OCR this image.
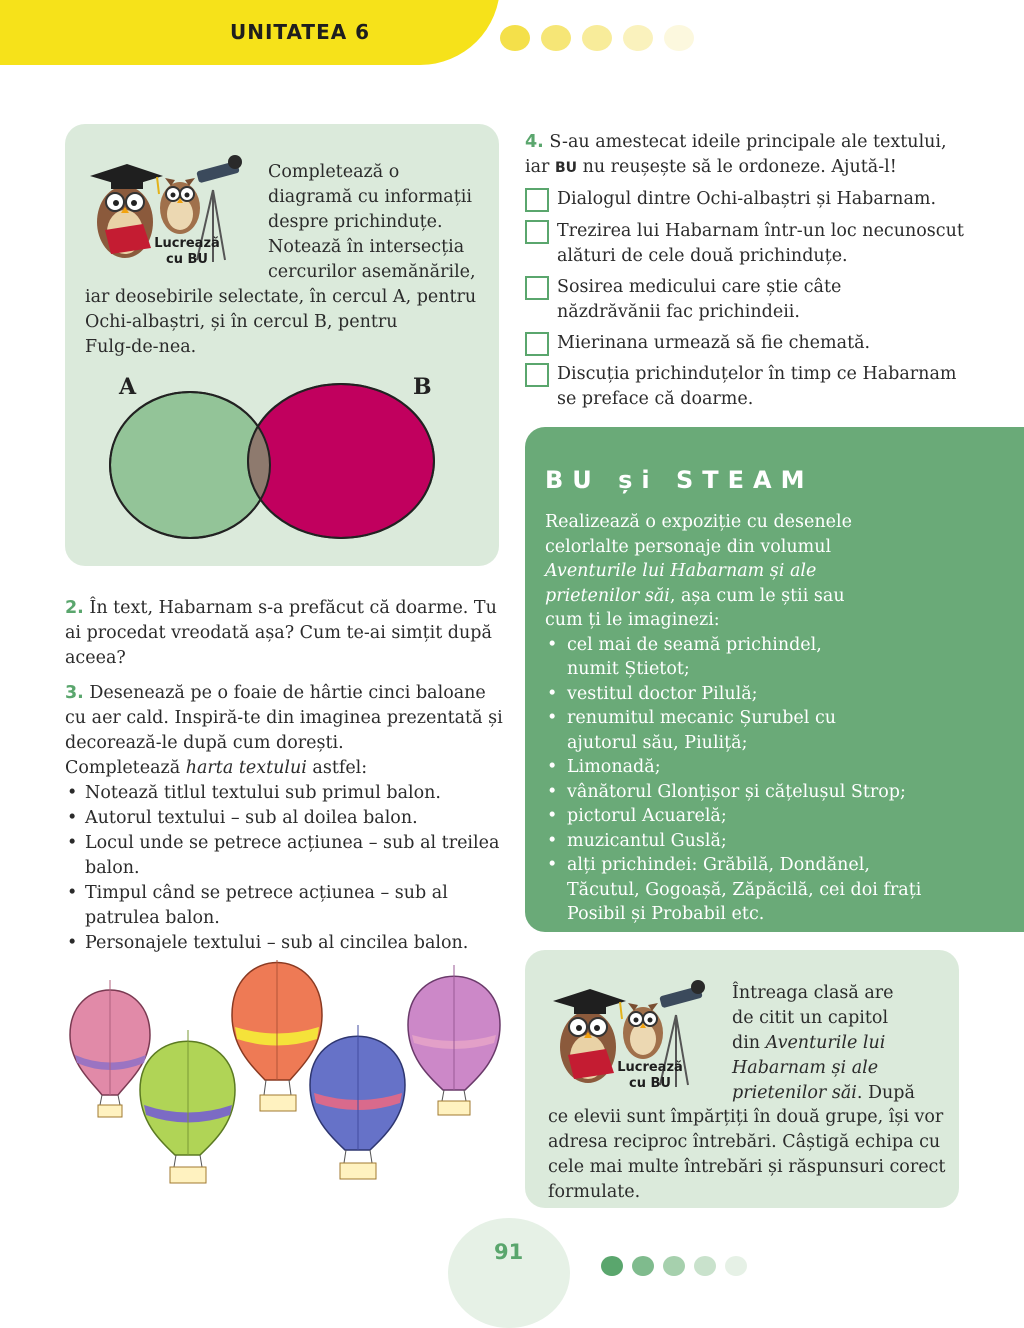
UNITATEA 6
Lucrează
cu BU
Completează o
diagramă cu informații
despre prichinduțe.
Notează în intersecția
cercurilor asemănările,
iar deosebirile selectate, în cercul A, pentru
Ochi-albaștri, și în cercul B, pentru
Fulg-de-nea.
A	B
2. În text, Habarnam s-a prefăcut că doarme. Tu
ai procedat vreodată așa? Cum te-ai simțit după
aceea?
3. Desenează pe o foaie de hârtie cinci baloane
cu aer cald. Inspiră-te din imaginea prezentată și
decorează-le după cum dorești.
Completează harta textului astfel:
• Notează titlul textului sub primul balon.
• Autorul textului – sub al doilea balon.
• Locul unde se petrece acțiunea – sub al treilea balon.
• Timpul când se petrece acțiunea – sub al patrulea balon.
• Personajele textului – sub al cincilea balon.
4. S-au amestecat ideile principale ale textului,
iar BU nu reușește să le ordoneze. Ajută-l!
Dialogul dintre Ochi-albaștri și Habarnam.
Trezirea lui Habarnam într-un loc necunoscut alături de cele două prichinduțe.
Sosirea medicului care știe câte năzdrăvănii fac prichindeii.
Mierinana urmează să fie chemată.
Discuția prichinduțelor în timp ce Habarnam se preface că doarme.
BU și STEAM
Realizează o expoziție cu desenele celorlalte personaje din volumul Aventurile lui Habarnam și ale prietenilor săi, așa cum le știi sau cum ți le imaginezi:
• cel mai de seamă prichindel, numit Știetot;
• vestitul doctor Pilulă;
• renumitul mecanic Șurubel cu ajutorul său, Piuliță;
• Limonadă;
• vânătorul Glonțișor și cățelușul Strop;
• pictorul Acuarelă;
• muzicantul Guslă;
• alți prichindei: Grăbilă, Dondănel, Tăcutul, Gogoașă, Zăpăcilă, cei doi frați Posibil și Probabil etc.
Lucrează
cu BU
Întreaga clasă are
de citit un capitol
din Aventurile lui
Habarnam și ale
prietenilor săi. După
ce elevii sunt împărțiți în două grupe, își vor adresa reciproc întrebări. Câștigă echipa cu cele mai multe întrebări și răspunsuri corect formulate.
91
